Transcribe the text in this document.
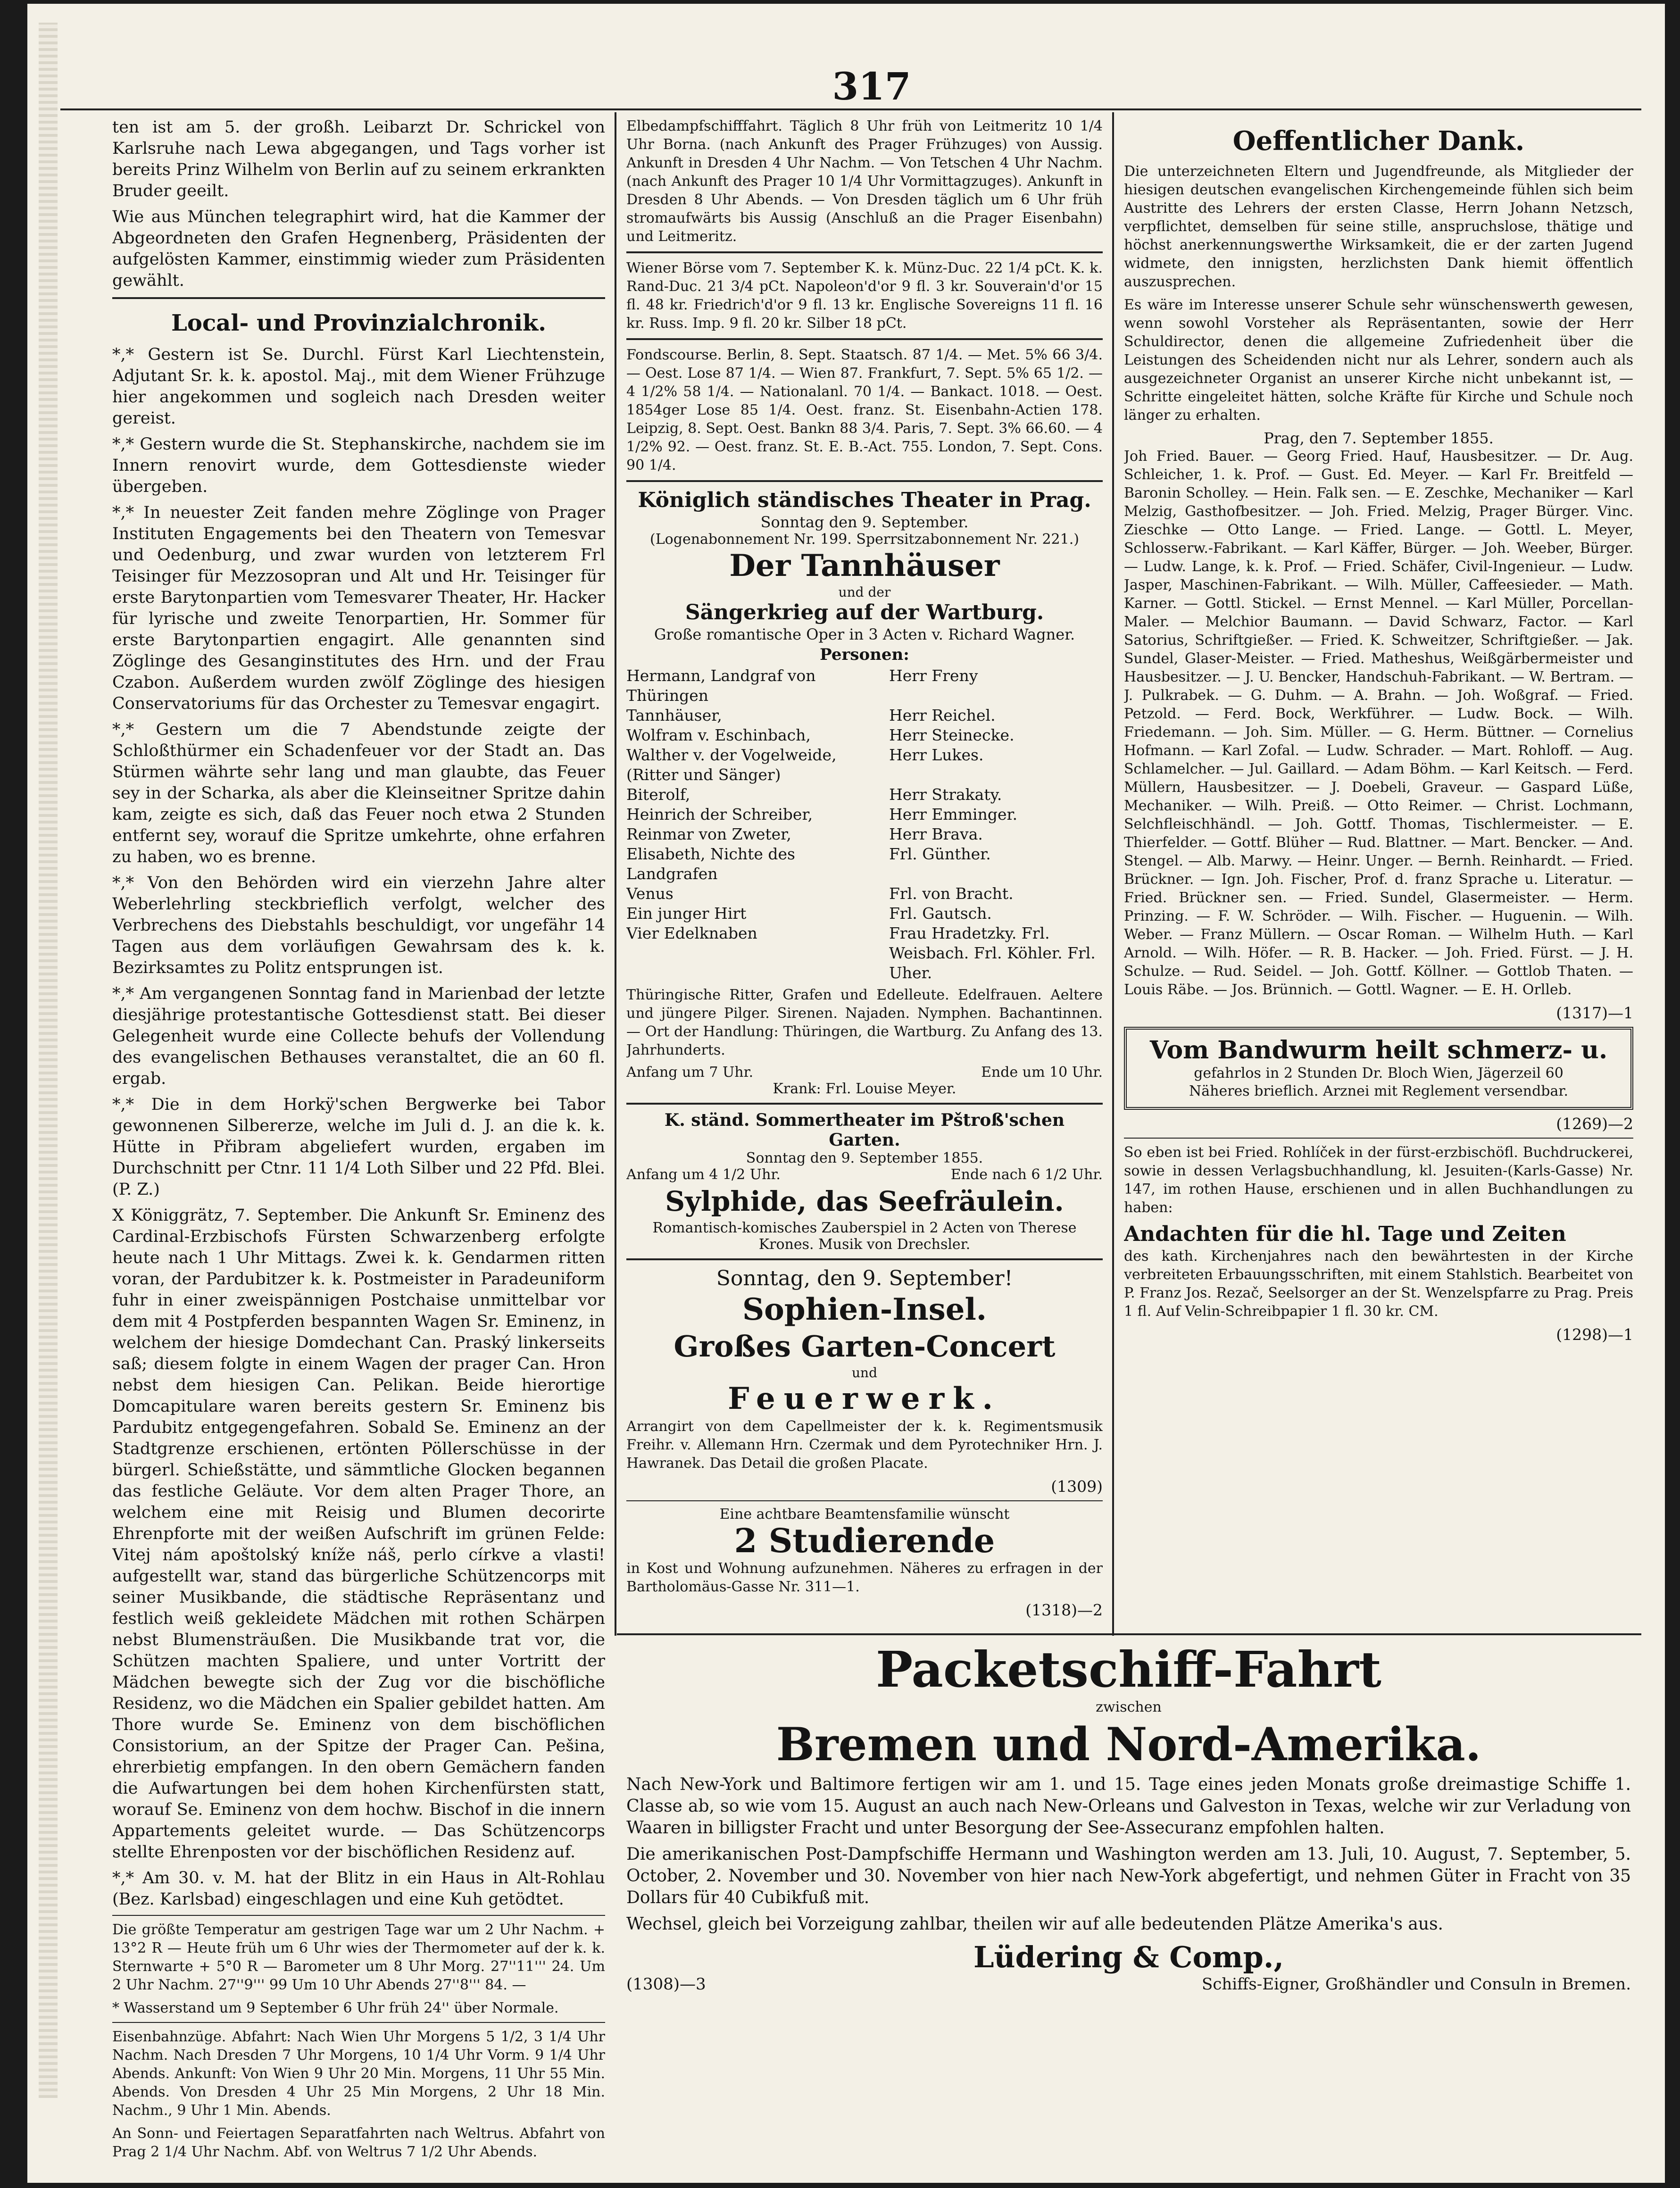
317

ten ist am 5. der großh. Leibarzt Dr. Schrickel von Karlsruhe nach Lewa abgegangen, und Tags vorher ist bereits Prinz Wilhelm von Berlin auf zu seinem erkrankten Bruder geeilt.

Wie aus München telegraphirt wird, hat die Kammer der Abgeordneten den Grafen Hegnenberg, Präsidenten der aufgelösten Kammer, einstimmig wieder zum Präsidenten gewählt.

Local- und Provinzialchronik.

*,* Gestern ist Se. Durchl. Fürst Karl Liechtenstein, Adjutant Sr. k. k. apostol. Maj., mit dem Wiener Frühzuge hier angekommen und sogleich nach Dresden weiter gereist.

*,* Gestern wurde die St. Stephanskirche, nachdem sie im Innern renovirt wurde, dem Gottesdienste wieder übergeben.

*,* In neuester Zeit fanden mehre Zöglinge von Prager Instituten Engagements bei den Theatern von Temesvar und Oedenburg, und zwar wurden von letzterem Frl Teisinger für Mezzosopran und Alt und Hr. Teisinger für erste Barytonpartien vom Temesvarer Theater, Hr. Hacker für lyrische und zweite Tenorpartien, Hr. Sommer für erste Barytonpartien engagirt. Alle genannten sind Zöglinge des Gesanginstitutes des Hrn. und der Frau Czabon. Außerdem wurden zwölf Zöglinge des hiesigen Conservatoriums für das Orchester zu Temesvar engagirt.

*,* Gestern um die 7 Abendstunde zeigte der Schloßthürmer ein Schadenfeuer vor der Stadt an. Das Stürmen währte sehr lang und man glaubte, das Feuer sey in der Scharka, als aber die Kleinseitner Spritze dahin kam, zeigte es sich, daß das Feuer noch etwa 2 Stunden entfernt sey, worauf die Spritze umkehrte, ohne erfahren zu haben, wo es brenne.

*,* Von den Behörden wird ein vierzehn Jahre alter Weberlehrling steckbrieflich verfolgt, welcher des Verbrechens des Diebstahls beschuldigt, vor ungefähr 14 Tagen aus dem vorläufigen Gewahrsam des k. k. Bezirksamtes zu Politz entsprungen ist.

*,* Am vergangenen Sonntag fand in Marienbad der letzte diesjährige protestantische Gottesdienst statt. Bei dieser Gelegenheit wurde eine Collecte behufs der Vollendung des evangelischen Bethauses veranstaltet, die an 60 fl. ergab.

*,* Die in dem Horkÿ'schen Bergwerke bei Tabor gewonnenen Silbererze, welche im Juli d. J. an die k. k. Hütte in Přibram abgeliefert wurden, ergaben im Durchschnitt per Ctnr. 11 1/4 Loth Silber und 22 Pfd. Blei. (P. Z.)

X Königgrätz, 7. September. Die Ankunft Sr. Eminenz des Cardinal-Erzbischofs Fürsten Schwarzenberg erfolgte heute nach 1 Uhr Mittags. Zwei k. k. Gendarmen ritten voran, der Pardubitzer k. k. Postmeister in Paradeuniform fuhr in einer zweispännigen Postchaise unmittelbar vor dem mit 4 Postpferden bespannten Wagen Sr. Eminenz, in welchem der hiesige Domdechant Can. Praský linkerseits saß; diesem folgte in einem Wagen der prager Can. Hron nebst dem hiesigen Can. Pelikan. Beide hierortige Domcapitulare waren bereits gestern Sr. Eminenz bis Pardubitz entgegengefahren. Sobald Se. Eminenz an der Stadtgrenze erschienen, ertönten Pöllerschüsse in der bürgerl. Schießstätte, und sämmtliche Glocken begannen das festliche Geläute. Vor dem alten Prager Thore, an welchem eine mit Reisig und Blumen decorirte Ehrenpforte mit der weißen Aufschrift im grünen Felde: Vitej nám apoštolský kníže náš, perlo církve a vlasti! aufgestellt war, stand das bürgerliche Schützencorps mit seiner Musikbande, die städtische Repräsentanz und festlich weiß gekleidete Mädchen mit rothen Schärpen nebst Blumensträußen. Die Musikbande trat vor, die Schützen machten Spaliere, und unter Vortritt der Mädchen bewegte sich der Zug vor die bischöfliche Residenz, wo die Mädchen ein Spalier gebildet hatten. Am Thore wurde Se. Eminenz von dem bischöflichen Consistorium, an der Spitze der Prager Can. Pešina, ehrerbietig empfangen. In den obern Gemächern fanden die Aufwartungen bei dem hohen Kirchenfürsten statt, worauf Se. Eminenz von dem hochw. Bischof in die innern Appartements geleitet wurde. — Das Schützencorps stellte Ehrenposten vor der bischöflichen Residenz auf.

*,* Am 30. v. M. hat der Blitz in ein Haus in Alt-Rohlau (Bez. Karlsbad) eingeschlagen und eine Kuh getödtet.

Die größte Temperatur am gestrigen Tage war um 2 Uhr Nachm. + 13°2 R — Heute früh um 6 Uhr wies der Thermometer auf der k. k. Sternwarte + 5°0 R — Barometer um 8 Uhr Morg. 27''11''' 24. Um 2 Uhr Nachm. 27''9''' 99 Um 10 Uhr Abends 27''8''' 84. —

* Wasserstand um 9 September 6 Uhr früh 24'' über Normale.

Eisenbahnzüge. Abfahrt: Nach Wien Uhr Morgens 5 1/2, 3 1/4 Uhr Nachm. Nach Dresden 7 Uhr Morgens, 10 1/4 Uhr Vorm. 9 1/4 Uhr Abends. Ankunft: Von Wien 9 Uhr 20 Min. Morgens, 11 Uhr 55 Min. Abends. Von Dresden 4 Uhr 25 Min Morgens, 2 Uhr 18 Min. Nachm., 9 Uhr 1 Min. Abends.

An Sonn- und Feiertagen Separatfahrten nach Weltrus. Abfahrt von Prag 2 1/4 Uhr Nachm. Abf. von Weltrus 7 1/2 Uhr Abends.

Elbedampfschifffahrt. Täglich 8 Uhr früh von Leitmeritz 10 1/4 Uhr Borna. (nach Ankunft des Prager Frühzuges) von Aussig. Ankunft in Dresden 4 Uhr Nachm. — Von Tetschen 4 Uhr Nachm. (nach Ankunft des Prager 10 1/4 Uhr Vormittagzuges). Ankunft in Dresden 8 Uhr Abends. — Von Dresden täglich um 6 Uhr früh stromaufwärts bis Aussig (Anschluß an die Prager Eisenbahn) und Leitmeritz.

Wiener Börse vom 7. September K. k. Münz-Duc. 22 1/4 pCt. K. k. Rand-Duc. 21 3/4 pCt. Napoleon'd'or 9 fl. 3 kr. Souverain'd'or 15 fl. 48 kr. Friedrich'd'or 9 fl. 13 kr. Englische Sovereigns 11 fl. 16 kr. Russ. Imp. 9 fl. 20 kr. Silber 18 pCt.

Fondscourse. Berlin, 8. Sept. Staatsch. 87 1/4. — Met. 5% 66 3/4. — Oest. Lose 87 1/4. — Wien 87. Frankfurt, 7. Sept. 5% 65 1/2. — 4 1/2% 58 1/4. — Nationalanl. 70 1/4. — Bankact. 1018. — Oest. 1854ger Lose 85 1/4. Oest. franz. St. Eisenbahn-Actien 178. Leipzig, 8. Sept. Oest. Bankn 88 3/4. Paris, 7. Sept. 3% 66.60. — 4 1/2% 92. — Oest. franz. St. E. B.-Act. 755. London, 7. Sept. Cons. 90 1/4.

Königlich ständisches Theater in Prag.
Sonntag den 9. September.
(Logenabonnement Nr. 199. Sperrsitzabonnement Nr. 221.)
Der Tannhäuser
und der
Sängerkrieg auf der Wartburg.
Große romantische Oper in 3 Acten v. Richard Wagner.
Personen:
Hermann, Landgraf von Thüringen
Herr Freny
Tannhäuser,	Herr Reichel.
Wolfram v. Eschinbach,	Herr Steinecke.
Walther v. der Vogelweide, (Ritter und Sänger)
Herr Lukes.
Biterolf,	Herr Strakaty.
Heinrich der Schreiber,	Herr Emminger.
Reinmar von Zweter,	Herr Brava.
Elisabeth, Nichte des Landgrafen
Frl. Günther.
Venus	Frl. von Bracht.
Ein junger Hirt	Frl. Gautsch.
Vier Edelknaben	Frau Hradetzky. Frl. Weisbach. Frl. Köhler. Frl. Uher.

Thüringische Ritter, Grafen und Edelleute. Edelfrauen. Aeltere und jüngere Pilger. Sirenen. Najaden. Nymphen. Bachantinnen. — Ort der Handlung: Thüringen, die Wartburg. Zu Anfang des 13. Jahrhunderts.

Anfang um 7 Uhr.	Ende um 10 Uhr.
Krank: Frl. Louise Meyer.
K. ständ. Sommertheater im Pštroß'schen Garten.
Sonntag den 9. September 1855.
Anfang um 4 1/2 Uhr.	Ende nach 6 1/2 Uhr.
Sylphide, das Seefräulein.
Romantisch-komisches Zauberspiel in 2 Acten von Therese Krones. Musik von Drechsler.
Sonntag, den 9. September!
Sophien-Insel.
Großes Garten-Concert
und
Feuerwerk.

Arrangirt von dem Capellmeister der k. k. Regimentsmusik Freihr. v. Allemann Hrn. Czermak und dem Pyrotechniker Hrn. J. Hawranek. Das Detail die großen Placate.

(1309)
Eine achtbare Beamtensfamilie wünscht
2 Studierende

in Kost und Wohnung aufzunehmen. Näheres zu erfragen in der Bartholomäus-Gasse Nr. 311—1.

(1318)—2
Oeffentlicher Dank.

Die unterzeichneten Eltern und Jugendfreunde, als Mitglieder der hiesigen deutschen evangelischen Kirchengemeinde fühlen sich beim Austritte des Lehrers der ersten Classe, Herrn Johann Netzsch, verpflichtet, demselben für seine stille, anspruchslose, thätige und höchst anerkennungswerthe Wirksamkeit, die er der zarten Jugend widmete, den innigsten, herzlichsten Dank hiemit öffentlich auszusprechen.

Es wäre im Interesse unserer Schule sehr wünschenswerth gewesen, wenn sowohl Vorsteher als Repräsentanten, sowie der Herr Schuldirector, denen die allgemeine Zufriedenheit über die Leistungen des Scheidenden nicht nur als Lehrer, sondern auch als ausgezeichneter Organist an unserer Kirche nicht unbekannt ist, — Schritte eingeleitet hätten, solche Kräfte für Kirche und Schule noch länger zu erhalten.

Prag, den 7. September 1855.

Joh Fried. Bauer. — Georg Fried. Hauf, Hausbesitzer. — Dr. Aug. Schleicher, 1. k. Prof. — Gust. Ed. Meyer. — Karl Fr. Breitfeld — Baronin Scholley. — Hein. Falk sen. — E. Zeschke, Mechaniker — Karl Melzig, Gasthofbesitzer. — Joh. Fried. Melzig, Prager Bürger. Vinc. Zieschke — Otto Lange. — Fried. Lange. — Gottl. L. Meyer, Schlosserw.-Fabrikant. — Karl Käffer, Bürger. — Joh. Weeber, Bürger. — Ludw. Lange, k. k. Prof. — Fried. Schäfer, Civil-Ingenieur. — Ludw. Jasper, Maschinen-Fabrikant. — Wilh. Müller, Caffeesieder. — Math. Karner. — Gottl. Stickel. — Ernst Mennel. — Karl Müller, Porcellan-Maler. — Melchior Baumann. — David Schwarz, Factor. — Karl Satorius, Schriftgießer. — Fried. K. Schweitzer, Schriftgießer. — Jak. Sundel, Glaser-Meister. — Fried. Matheshus, Weißgärbermeister und Hausbesitzer. — J. U. Bencker, Handschuh-Fabrikant. — W. Bertram. — J. Pulkrabek. — G. Duhm. — A. Brahn. — Joh. Woßgraf. — Fried. Petzold. — Ferd. Bock, Werkführer. — Ludw. Bock. — Wilh. Friedemann. — Joh. Sim. Müller. — G. Herm. Büttner. — Cornelius Hofmann. — Karl Zofal. — Ludw. Schrader. — Mart. Rohloff. — Aug. Schlamelcher. — Jul. Gaillard. — Adam Böhm. — Karl Keitsch. — Ferd. Müllern, Hausbesitzer. — J. Doebeli, Graveur. — Gaspard Lüße, Mechaniker. — Wilh. Preiß. — Otto Reimer. — Christ. Lochmann, Selchfleischhändl. — Joh. Gottf. Thomas, Tischlermeister. — E. Thierfelder. — Gottf. Blüher — Rud. Blattner. — Mart. Bencker. — And. Stengel. — Alb. Marwy. — Heinr. Unger. — Bernh. Reinhardt. — Fried. Brückner. — Ign. Joh. Fischer, Prof. d. franz Sprache u. Literatur. — Fried. Brückner sen. — Fried. Sundel, Glasermeister. — Herm. Prinzing. — F. W. Schröder. — Wilh. Fischer. — Huguenin. — Wilh. Weber. — Franz Müllern. — Oscar Roman. — Wilhelm Huth. — Karl Arnold. — Wilh. Höfer. — R. B. Hacker. — Joh. Fried. Fürst. — J. H. Schulze. — Rud. Seidel. — Joh. Gottf. Köllner. — Gottlob Thaten. — Louis Räbe. — Jos. Brünnich. — Gottl. Wagner. — E. H. Orlleb.

(1317)—1
Vom Bandwurm heilt schmerz- u.
gefahrlos in 2 Stunden Dr. Bloch Wien, Jägerzeil 60
Näheres brieflich. Arznei mit Reglement versendbar.
(1269)—2

So eben ist bei Fried. Rohlíček in der fürst-erzbischöfl. Buchdruckerei, sowie in dessen Verlagsbuchhandlung, kl. Jesuiten-(Karls-Gasse) Nr. 147, im rothen Hause, erschienen und in allen Buchhandlungen zu haben:

Andachten für die hl. Tage und Zeiten

des kath. Kirchenjahres nach den bewährtesten in der Kirche verbreiteten Erbauungsschriften, mit einem Stahlstich. Bearbeitet von P. Franz Jos. Rezač, Seelsorger an der St. Wenzelspfarre zu Prag. Preis 1 fl. Auf Velin-Schreibpapier 1 fl. 30 kr. CM.

(1298)—1
Packetschiff-Fahrt
zwischen
Bremen und Nord-Amerika.

Nach New-York und Baltimore fertigen wir am 1. und 15. Tage eines jeden Monats große dreimastige Schiffe 1. Classe ab, so wie vom 15. August an auch nach New-Orleans und Galveston in Texas, welche wir zur Verladung von Waaren in billigster Fracht und unter Besorgung der See-Assecuranz empfohlen halten.

Die amerikanischen Post-Dampfschiffe Hermann und Washington werden am 13. Juli, 10. August, 7. September, 5. October, 2. November und 30. November von hier nach New-York abgefertigt, und nehmen Güter in Fracht von 35 Dollars für 40 Cubikfuß mit.

Wechsel, gleich bei Vorzeigung zahlbar, theilen wir auf alle bedeutenden Plätze Amerika's aus.

Lüdering & Comp.,
(1308)—3	Schiffs-Eigner, Großhändler und Consuln in Bremen.
